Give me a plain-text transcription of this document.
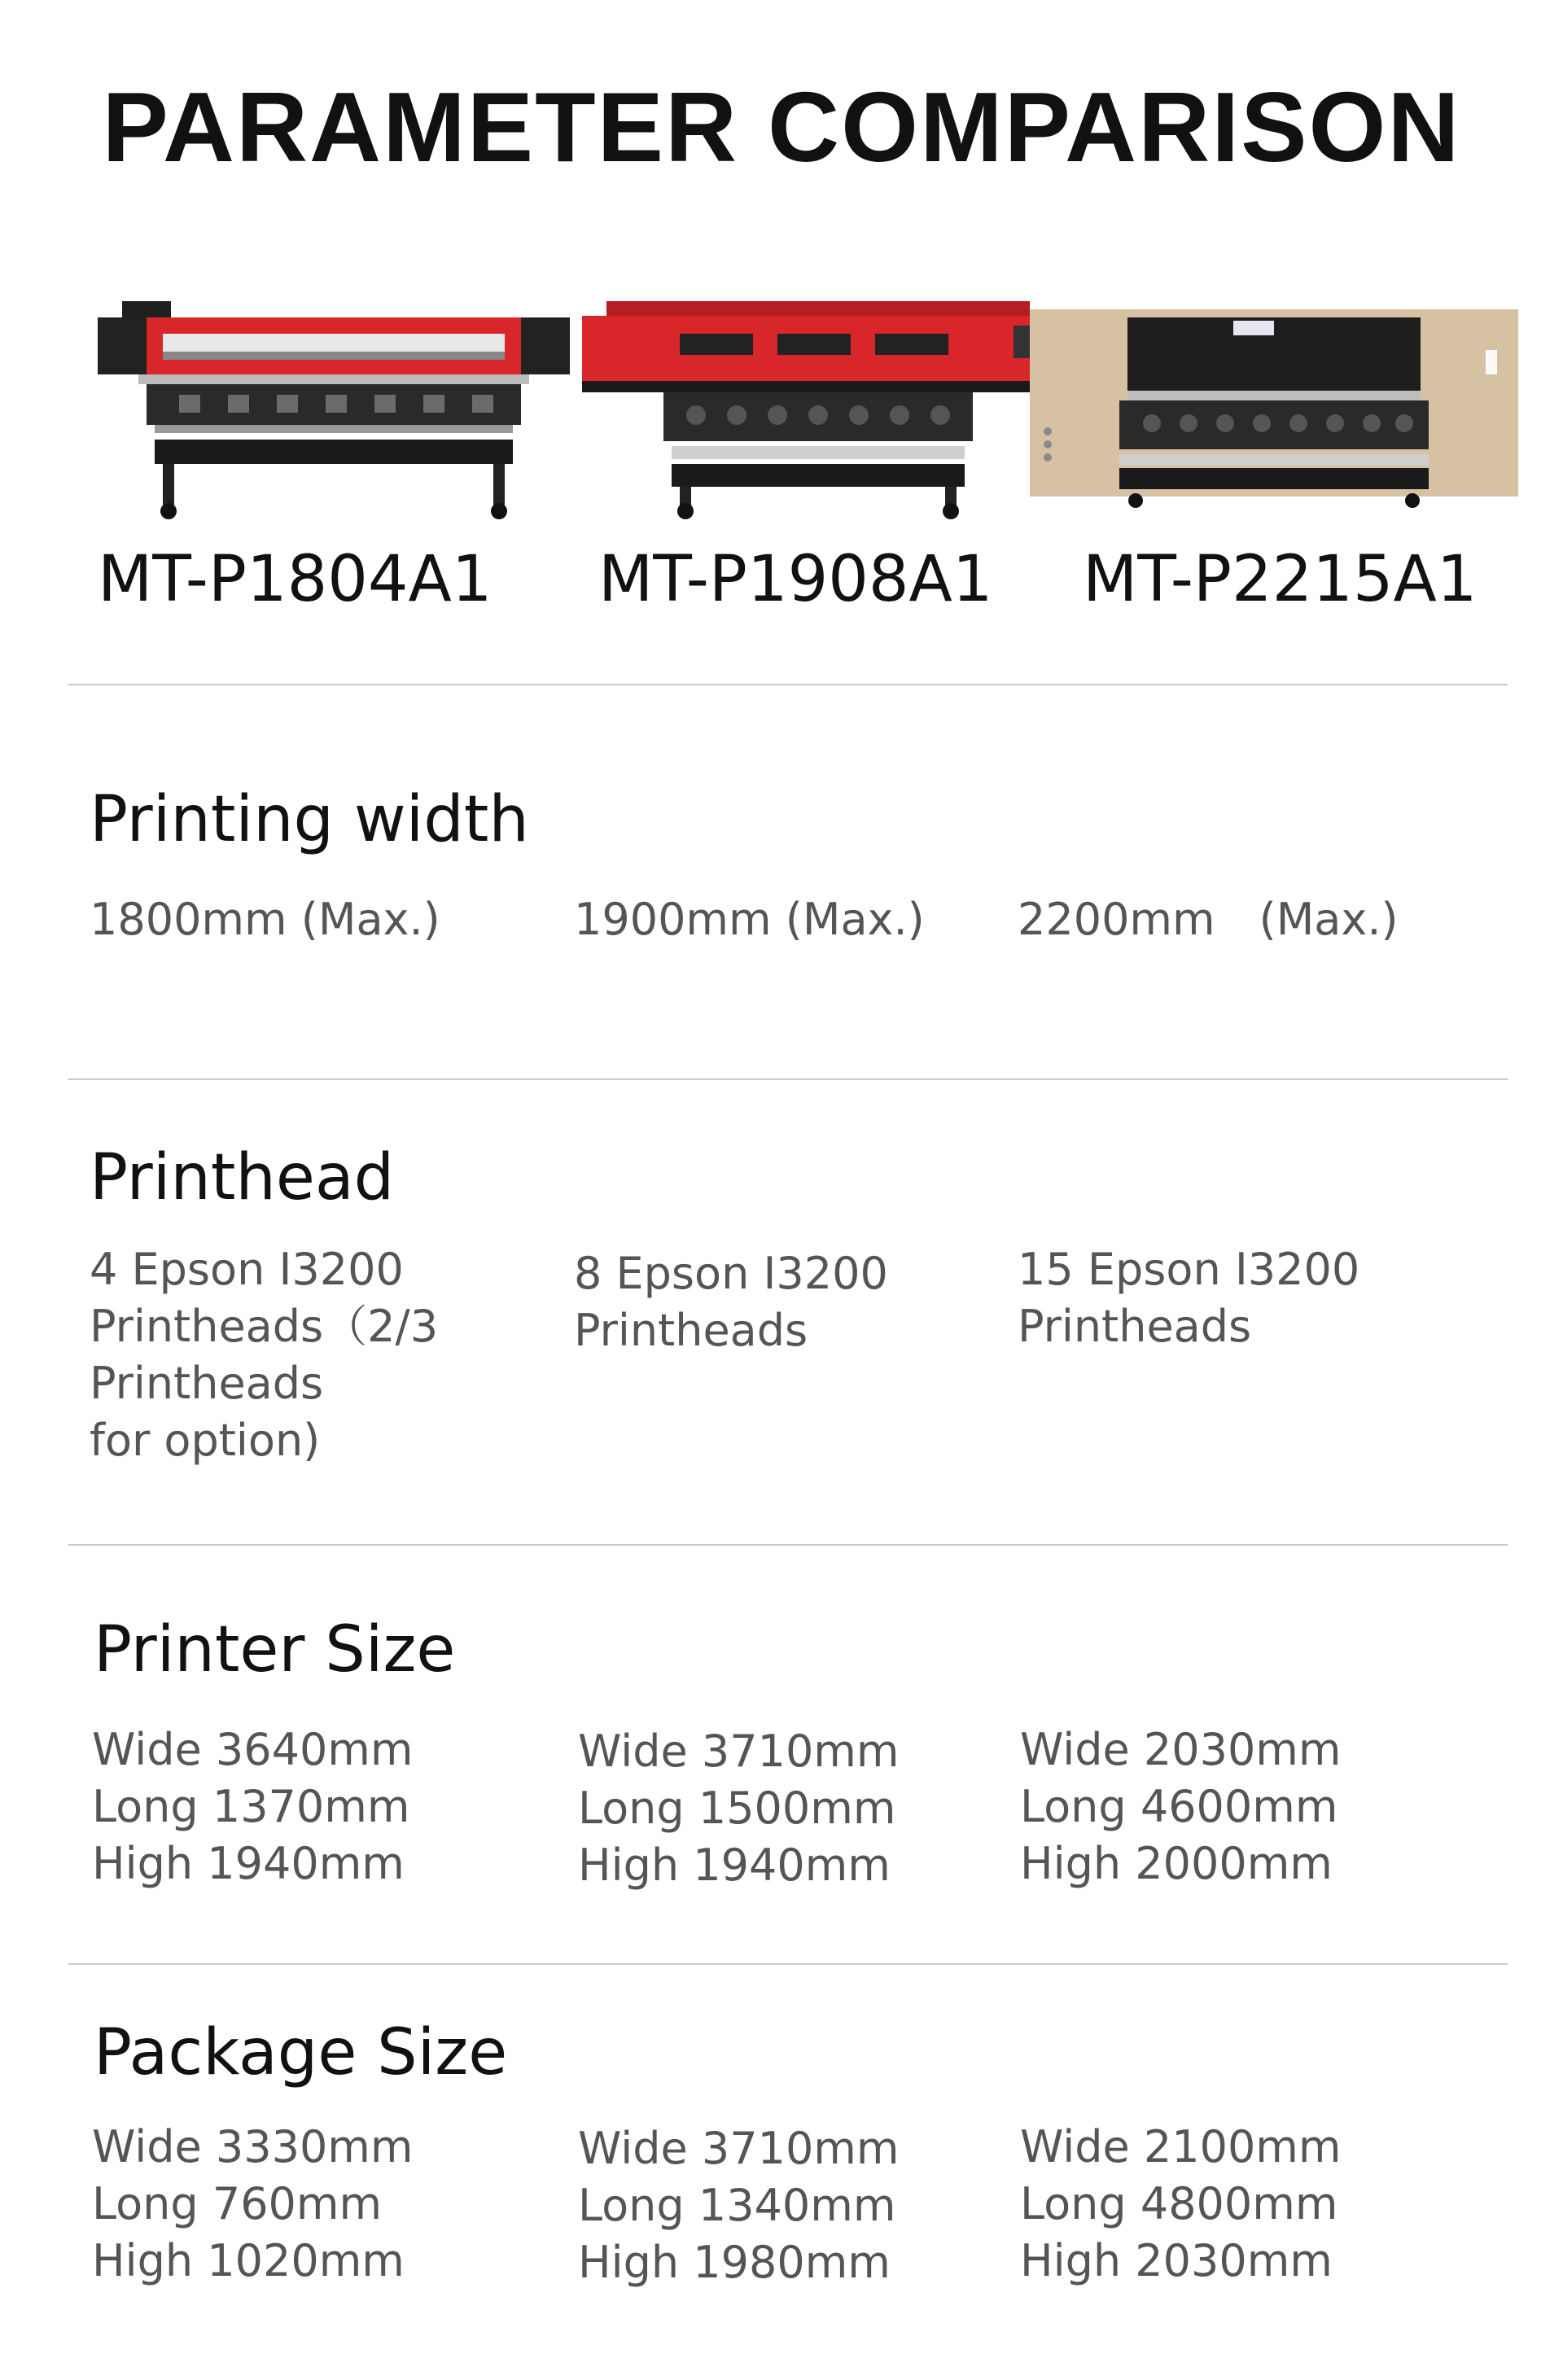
PARAMETER COMPARISON
MT-P1804A1 MT-P1908A1 MT-P2215A1
Printing width
1800mm (Max.)	1900mm (Max.) 2200mm　(Max.)
Printhead
4 Epson I3200
Printheads（2/3
Printheads
for option)
8 Epson I3200
Printheads
15 Epson I3200
Printheads
Printer Size
Wide 3640mm
Long 1370mm
High 1940mm
Wide 3710mm
Long 1500mm
High 1940mm
Wide 2030mm
Long 4600mm
High 2000mm
Package Size
Wide 3330mm
Long 760mm
High 1020mm
Wide 3710mm
Long 1340mm
High 1980mm
Wide 2100mm
Long 4800mm
High 2030mm
